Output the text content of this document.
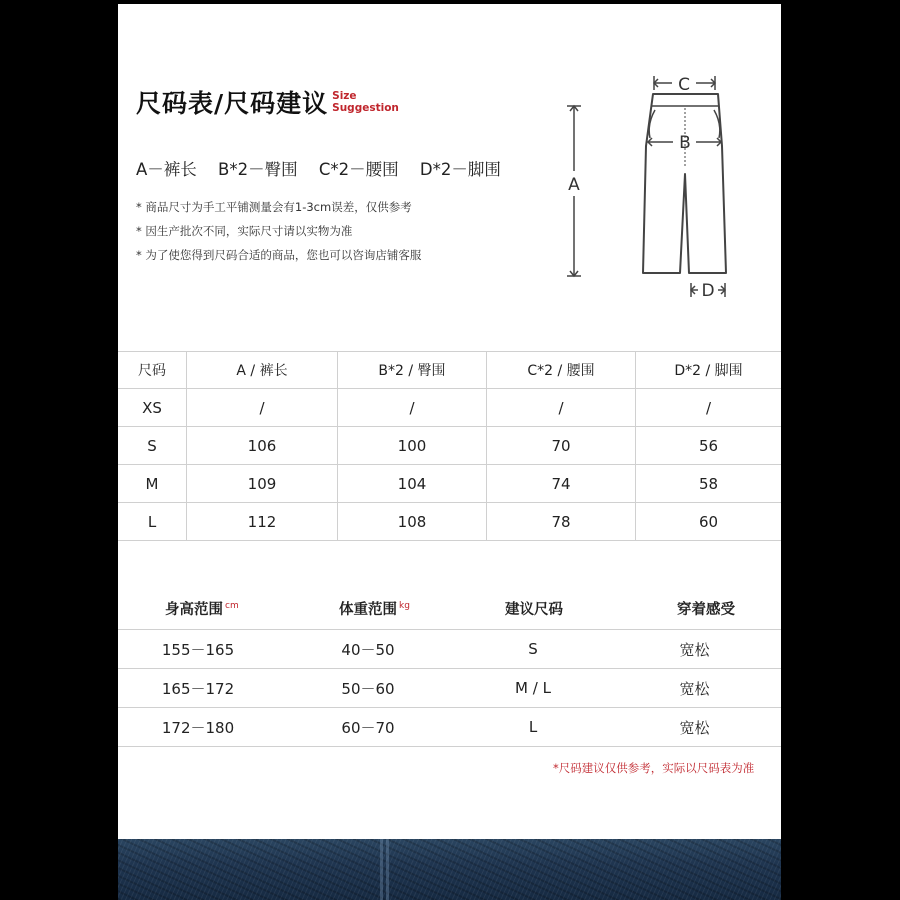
尺码表/尺码建议 Size
Suggestion
A－裤长 B*2－臀围 C*2－腰围 D*2－脚围
* 商品尺寸为手工平铺测量会有1-3cm误差，仅供参考
* 因生产批次不同，实际尺寸请以实物为准
* 为了使您得到尺码合适的商品，您也可以咨询店铺客服
C
B
A
D
尺码	A / 裤长	B*2 / 臀围	C*2 / 腰围	D*2 / 脚围
XS	/	/	/	/
S	106	100	70	56
M	109	104	74	58
L	112	108	78	60
身高范围 $^{cm}$	体重范围 $^{kg}$	建议尺码	穿着感受
155－165	40－50	S	宽松
165－172	50－60	M / L	宽松
172－180	60－70	L	宽松
*尺码建议仅供参考，实际以尺码表为准
